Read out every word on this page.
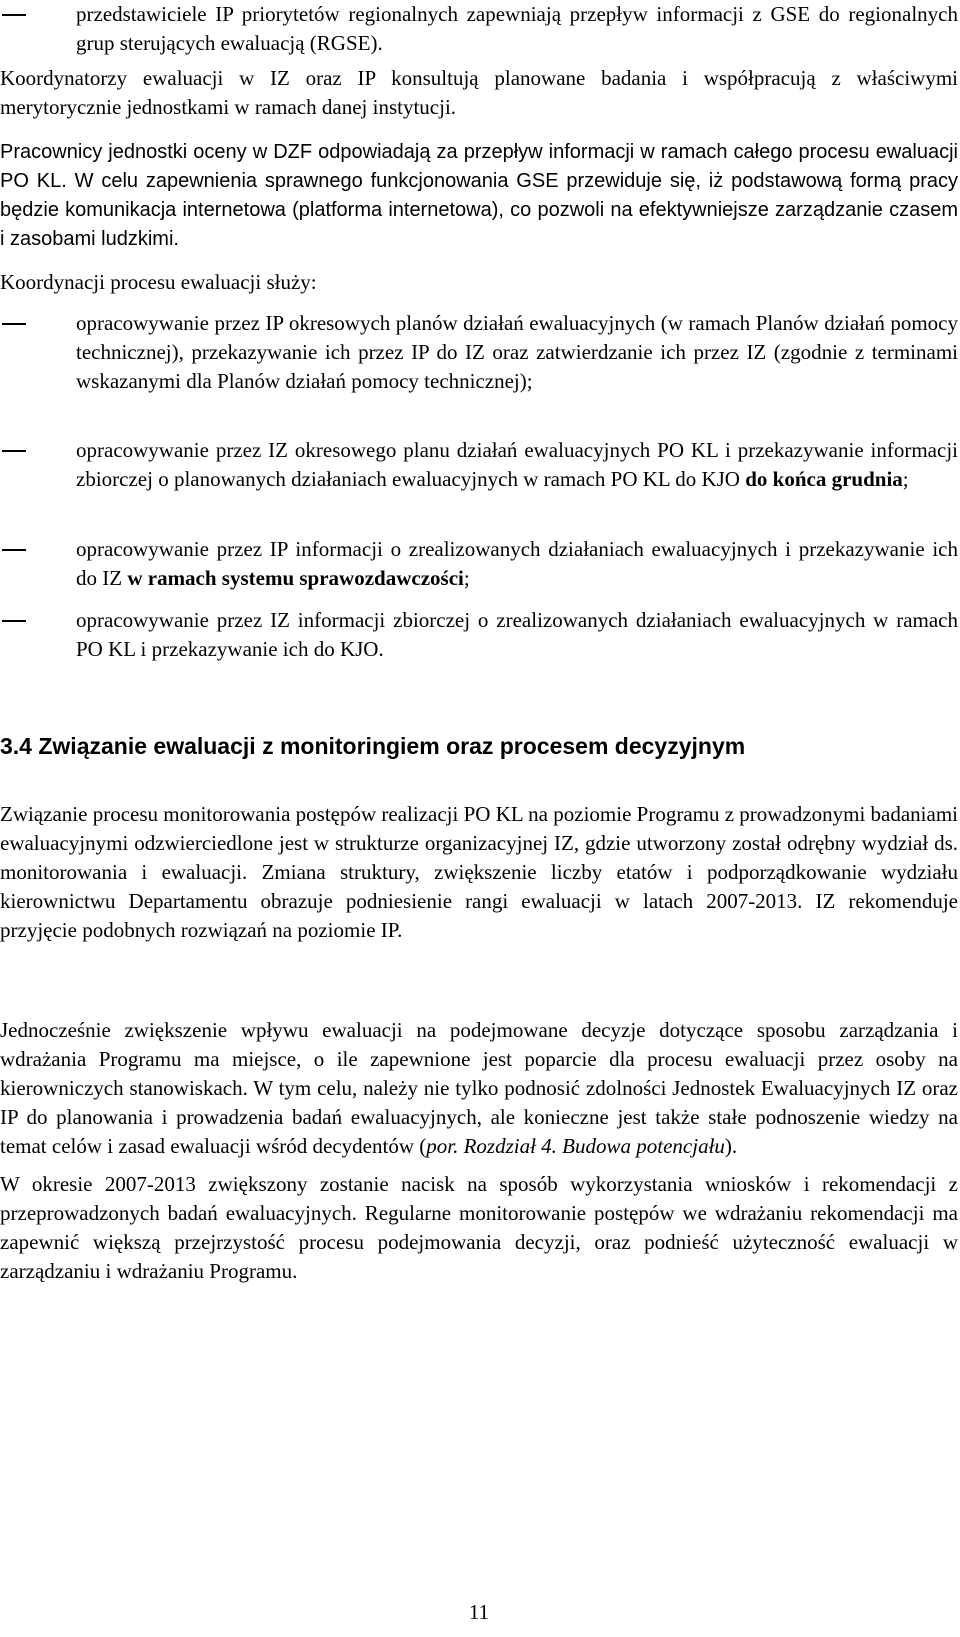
przedstawiciele IP priorytetów regionalnych zapewniają przepływ informacji z GSE do regionalnych grup sterujących ewaluacją (RGSE).
Koordynatorzy ewaluacji w IZ oraz IP konsultują planowane badania i współpracują z właściwymi merytorycznie jednostkami w ramach danej instytucji.
Pracownicy jednostki oceny w DZF odpowiadają za przepływ informacji w ramach całego procesu ewaluacji PO KL. W celu zapewnienia sprawnego funkcjonowania GSE przewiduje się, iż podstawową formą pracy będzie komunikacja internetowa (platforma internetowa), co pozwoli na efektywniejsze zarządzanie czasem i zasobami ludzkimi.
Koordynacji procesu ewaluacji służy:
opracowywanie przez IP okresowych planów działań ewaluacyjnych (w ramach Planów działań pomocy technicznej), przekazywanie ich przez IP do IZ oraz zatwierdzanie ich przez IZ (zgodnie z terminami wskazanymi dla Planów działań pomocy technicznej);
opracowywanie przez IZ okresowego planu działań ewaluacyjnych PO KL i przekazywanie informacji zbiorczej o planowanych działaniach ewaluacyjnych w ramach PO KL do KJO do końca grudnia;
opracowywanie przez IP informacji o zrealizowanych działaniach ewaluacyjnych i przekazywanie ich do IZ w ramach systemu sprawozdawczości;
opracowywanie przez IZ informacji zbiorczej o zrealizowanych działaniach ewaluacyjnych w ramach PO KL i przekazywanie ich do KJO.
3.4 Związanie ewaluacji z monitoringiem oraz procesem decyzyjnym
Związanie procesu monitorowania postępów realizacji PO KL na poziomie Programu z prowadzonymi badaniami ewaluacyjnymi odzwierciedlone jest w strukturze organizacyjnej IZ, gdzie utworzony został odrębny wydział ds. monitorowania i ewaluacji. Zmiana struktury, zwiększenie liczby etatów i podporządkowanie wydziału kierownictwu Departamentu obrazuje podniesienie rangi ewaluacji w latach 2007-2013. IZ rekomenduje przyjęcie podobnych rozwiązań na poziomie IP.
Jednocześnie zwiększenie wpływu ewaluacji na podejmowane decyzje dotyczące sposobu zarządzania i wdrażania Programu ma miejsce, o ile zapewnione jest poparcie dla procesu ewaluacji przez osoby na kierowniczych stanowiskach. W tym celu, należy nie tylko podnosić zdolności Jednostek Ewaluacyjnych IZ oraz IP do planowania i prowadzenia badań ewaluacyjnych, ale konieczne jest także stałe podnoszenie wiedzy na temat celów i zasad ewaluacji wśród decydentów (por. Rozdział 4. Budowa potencjału).
W okresie 2007-2013 zwiększony zostanie nacisk na sposób wykorzystania wniosków i rekomendacji z przeprowadzonych badań ewaluacyjnych. Regularne monitorowanie postępów we wdrażaniu rekomendacji ma zapewnić większą przejrzystość procesu podejmowania decyzji, oraz podnieść użyteczność ewaluacji w zarządzaniu i wdrażaniu Programu.
11
